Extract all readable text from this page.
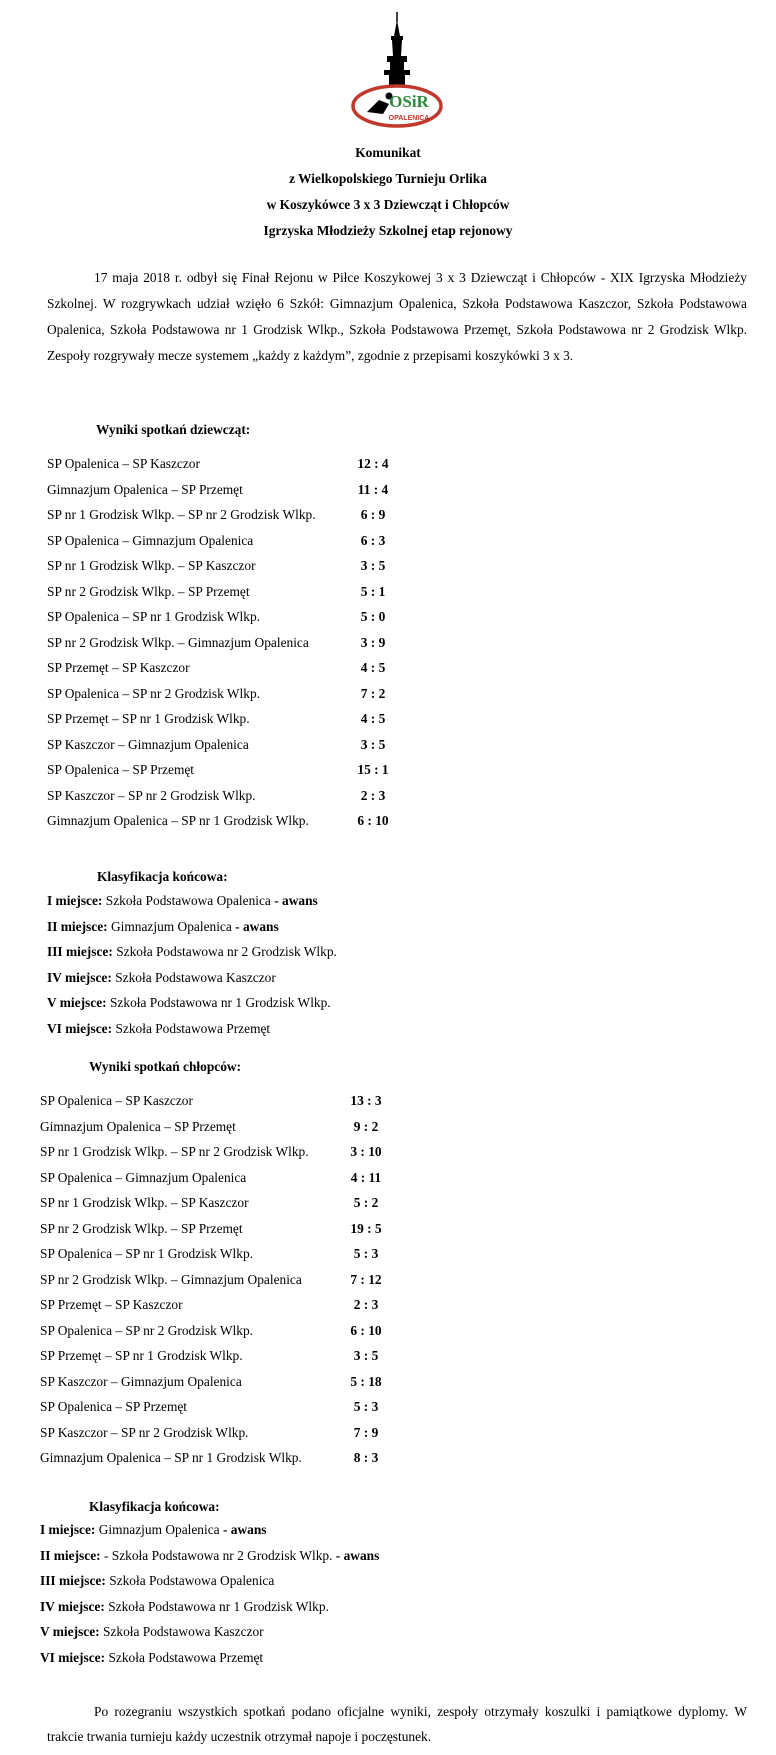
OSiR
OPALENICA
Komunikat
z Wielkopolskiego Turnieju Orlika
w Koszykówce 3 x 3 Dziewcząt i Chłopców
Igrzyska Młodzieży Szkolnej etap rejonowy
17 maja 2018 r. odbył się Finał Rejonu w Piłce Koszykowej 3 x 3 Dziewcząt i Chłopców - XIX Igrzyska Młodzieży Szkolnej. W rozgrywkach udział wzięło 6 Szkół: Gimnazjum Opalenica, Szkoła Podstawowa Kaszczor, Szkoła Podstawowa Opalenica, Szkoła Podstawowa nr 1 Grodzisk Wlkp., Szkoła Podstawowa Przemęt, Szkoła Podstawowa nr 2 Grodzisk Wlkp. Zespoły rozgrywały mecze systemem „każdy z każdym”, zgodnie z przepisami koszykówki 3 x 3.
Wyniki spotkań dziewcząt:
SP Opalenica – SP Kaszczor	12 : 4
Gimnazjum Opalenica – SP Przemęt	11 : 4
SP nr 1 Grodzisk Wlkp. – SP nr 2 Grodzisk Wlkp.	6 : 9
SP Opalenica – Gimnazjum Opalenica	6 : 3
SP nr 1 Grodzisk Wlkp. – SP Kaszczor	3 : 5
SP nr 2 Grodzisk Wlkp. – SP Przemęt	5 : 1
SP Opalenica – SP nr 1 Grodzisk Wlkp.	5 : 0
SP nr 2 Grodzisk Wlkp. – Gimnazjum Opalenica	3 : 9
SP Przemęt – SP Kaszczor	4 : 5
SP Opalenica – SP nr 2 Grodzisk Wlkp.	7 : 2
SP Przemęt – SP nr 1 Grodzisk Wlkp.	4 : 5
SP Kaszczor – Gimnazjum Opalenica	3 : 5
SP Opalenica – SP Przemęt	15 : 1
SP Kaszczor – SP nr 2 Grodzisk Wlkp.	2 : 3
Gimnazjum Opalenica – SP nr 1 Grodzisk Wlkp.	6 : 10
Klasyfikacja końcowa:
I miejsce: Szkoła Podstawowa Opalenica - awans
II miejsce: Gimnazjum Opalenica - awans
III miejsce: Szkoła Podstawowa nr 2 Grodzisk Wlkp.
IV miejsce: Szkoła Podstawowa Kaszczor
V miejsce: Szkoła Podstawowa nr 1 Grodzisk Wlkp.
VI miejsce: Szkoła Podstawowa Przemęt
Wyniki spotkań chłopców:
SP Opalenica – SP Kaszczor	13 : 3
Gimnazjum Opalenica – SP Przemęt	9 : 2
SP nr 1 Grodzisk Wlkp. – SP nr 2 Grodzisk Wlkp.	3 : 10
SP Opalenica – Gimnazjum Opalenica	4 : 11
SP nr 1 Grodzisk Wlkp. – SP Kaszczor	5 : 2
SP nr 2 Grodzisk Wlkp. – SP Przemęt	19 : 5
SP Opalenica – SP nr 1 Grodzisk Wlkp.	5 : 3
SP nr 2 Grodzisk Wlkp. – Gimnazjum Opalenica	7 : 12
SP Przemęt – SP Kaszczor	2 : 3
SP Opalenica – SP nr 2 Grodzisk Wlkp.	6 : 10
SP Przemęt – SP nr 1 Grodzisk Wlkp.	3 : 5
SP Kaszczor – Gimnazjum Opalenica	5 : 18
SP Opalenica – SP Przemęt	5 : 3
SP Kaszczor – SP nr 2 Grodzisk Wlkp.	7 : 9
Gimnazjum Opalenica – SP nr 1 Grodzisk Wlkp.	8 : 3
Klasyfikacja końcowa:
I miejsce: Gimnazjum Opalenica - awans
II miejsce: - Szkoła Podstawowa nr 2 Grodzisk Wlkp. - awans
III miejsce: Szkoła Podstawowa Opalenica
IV miejsce: Szkoła Podstawowa nr 1 Grodzisk Wlkp.
V miejsce: Szkoła Podstawowa Kaszczor
VI miejsce: Szkoła Podstawowa Przemęt
Po rozegraniu wszystkich spotkań podano oficjalne wyniki, zespoły otrzymały koszulki i pamiątkowe dyplomy. W trakcie trwania turnieju każdy uczestnik otrzymał napoje i poczęstunek.
